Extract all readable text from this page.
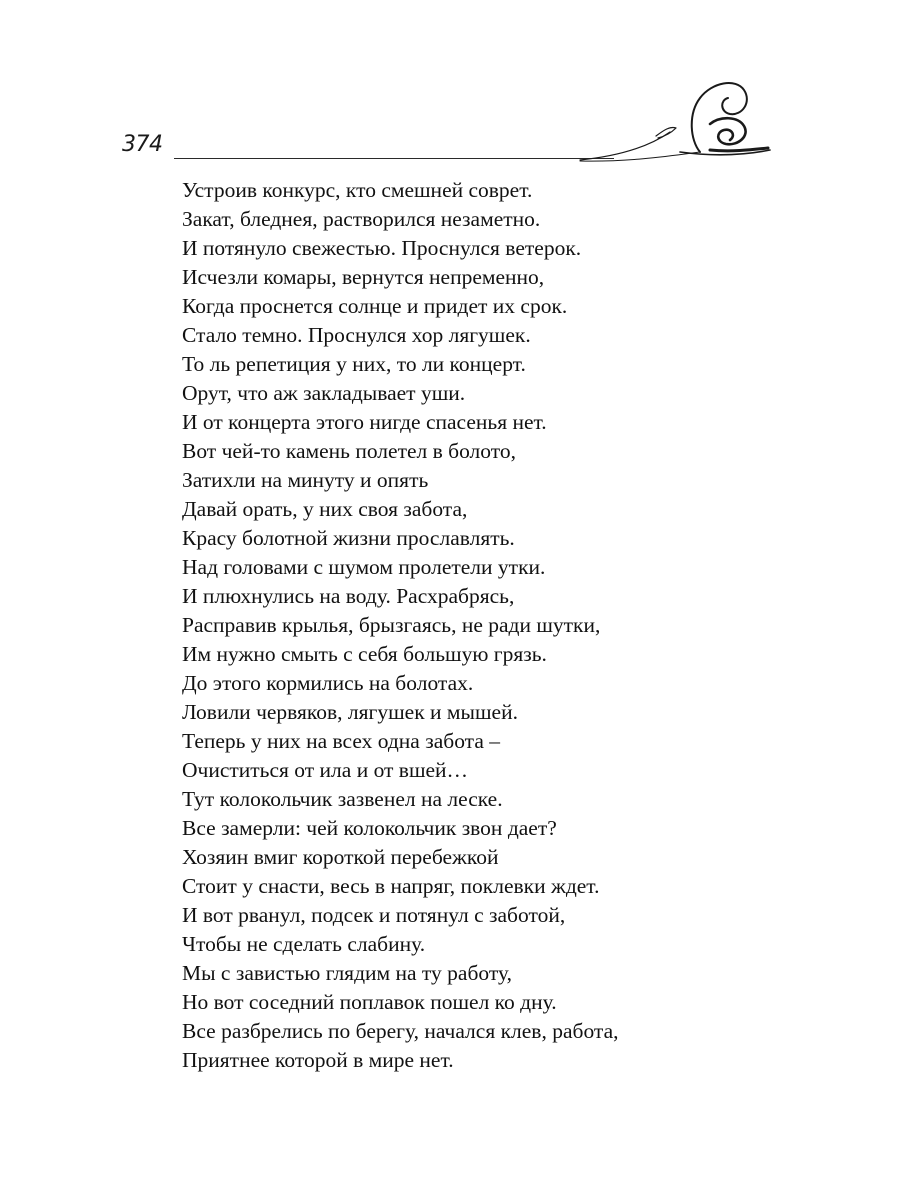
374
Устроив конкурс, кто смешней соврет.
Закат, бледнея, растворился незаметно.
И потянуло свежестью. Проснулся ветерок.
Исчезли комары, вернутся непременно,
Когда проснется солнце и придет их срок.
Стало темно. Проснулся хор лягушек.
То ль репетиция у них, то ли концерт.
Орут, что аж закладывает уши.
И от концерта этого нигде спасенья нет.
Вот чей-то камень полетел в болото,
Затихли на минуту и опять
Давай орать, у них своя забота,
Красу болотной жизни прославлять.
Над головами с шумом пролетели утки.
И плюхнулись на воду. Расхрабрясь,
Расправив крылья, брызгаясь, не ради шутки,
Им нужно смыть с себя большую грязь.
До этого кормились на болотах.
Ловили червяков, лягушек и мышей.
Теперь у них на всех одна забота –
Очиститься от ила и от вшей…
Тут колокольчик зазвенел на леске.
Все замерли: чей колокольчик звон дает?
Хозяин вмиг короткой перебежкой
Стоит у снасти, весь в напряг, поклевки ждет.
И вот рванул, подсек и потянул с заботой,
Чтобы не сделать слабину.
Мы с завистью глядим на ту работу,
Но вот соседний поплавок пошел ко дну.
Все разбрелись по берегу, начался клев, работа,
Приятнее которой в мире нет.
